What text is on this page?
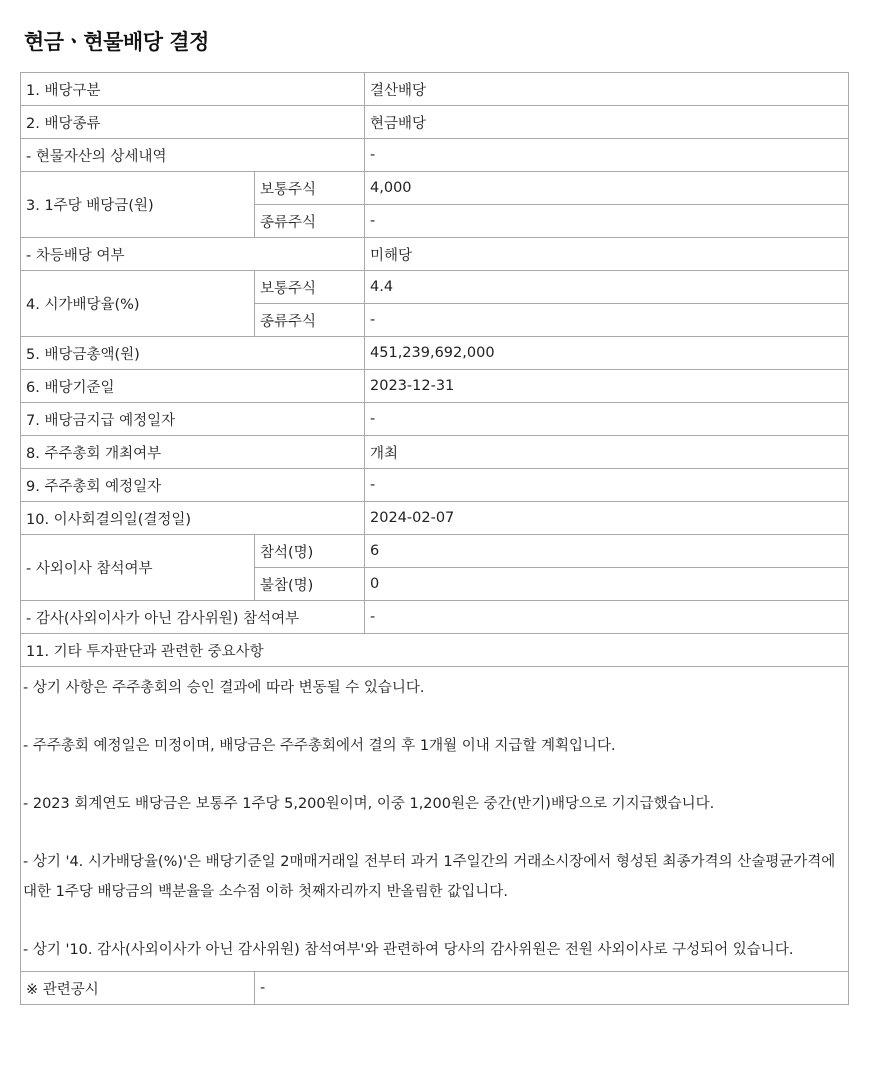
현금ㆍ현물배당 결정
1. 배당구분		결산배당
2. 배당종류		현금배당
- 현물자산의 상세내역		-
3. 1주당 배당금(원)	보통주식	4,000
	종류주식	-
- 차등배당 여부		미해당
4. 시가배당율(%)	보통주식	4.4
	종류주식	-
5. 배당금총액(원)		451,239,692,000
6. 배당기준일		2023-12-31
7. 배당금지급 예정일자		-
8. 주주총회 개최여부		개최
9. 주주총회 예정일자		-
10. 이사회결의일(결정일)		2024-02-07
- 사외이사 참석여부	참석(명)	6
	불참(명)	0
- 감사(사외이사가 아닌 감사위원) 참석여부		-
11. 기타 투자판단과 관련한 중요사항		

- 상기 사항은 주주총회의 승인 결과에 따라 변동될 수 있습니다.
- 주주총회 예정일은 미정이며, 배당금은 주주총회에서 결의 후 1개월 이내 지급할 계획입니다.
- 2023 회계연도 배당금은 보통주 1주당 5,200원이며, 이중 1,200원은 중간(반기)배당으로 기지급했습니다.
- 상기 '4. 시가배당율(%)'은 배당기준일 2매매거래일 전부터 과거 1주일간의 거래소시장에서 형성된 최종가격의 산술평균가격에 대한 1주당 배당금의 백분율을 소수점 이하 첫째자리까지 반올림한 값입니다.
- 상기 '10. 감사(사외이사가 아닌 감사위원) 참석여부'와 관련하여 당사의 감사위원은 전원 사외이사로 구성되어 있습니다.		

※ 관련공시	-	
